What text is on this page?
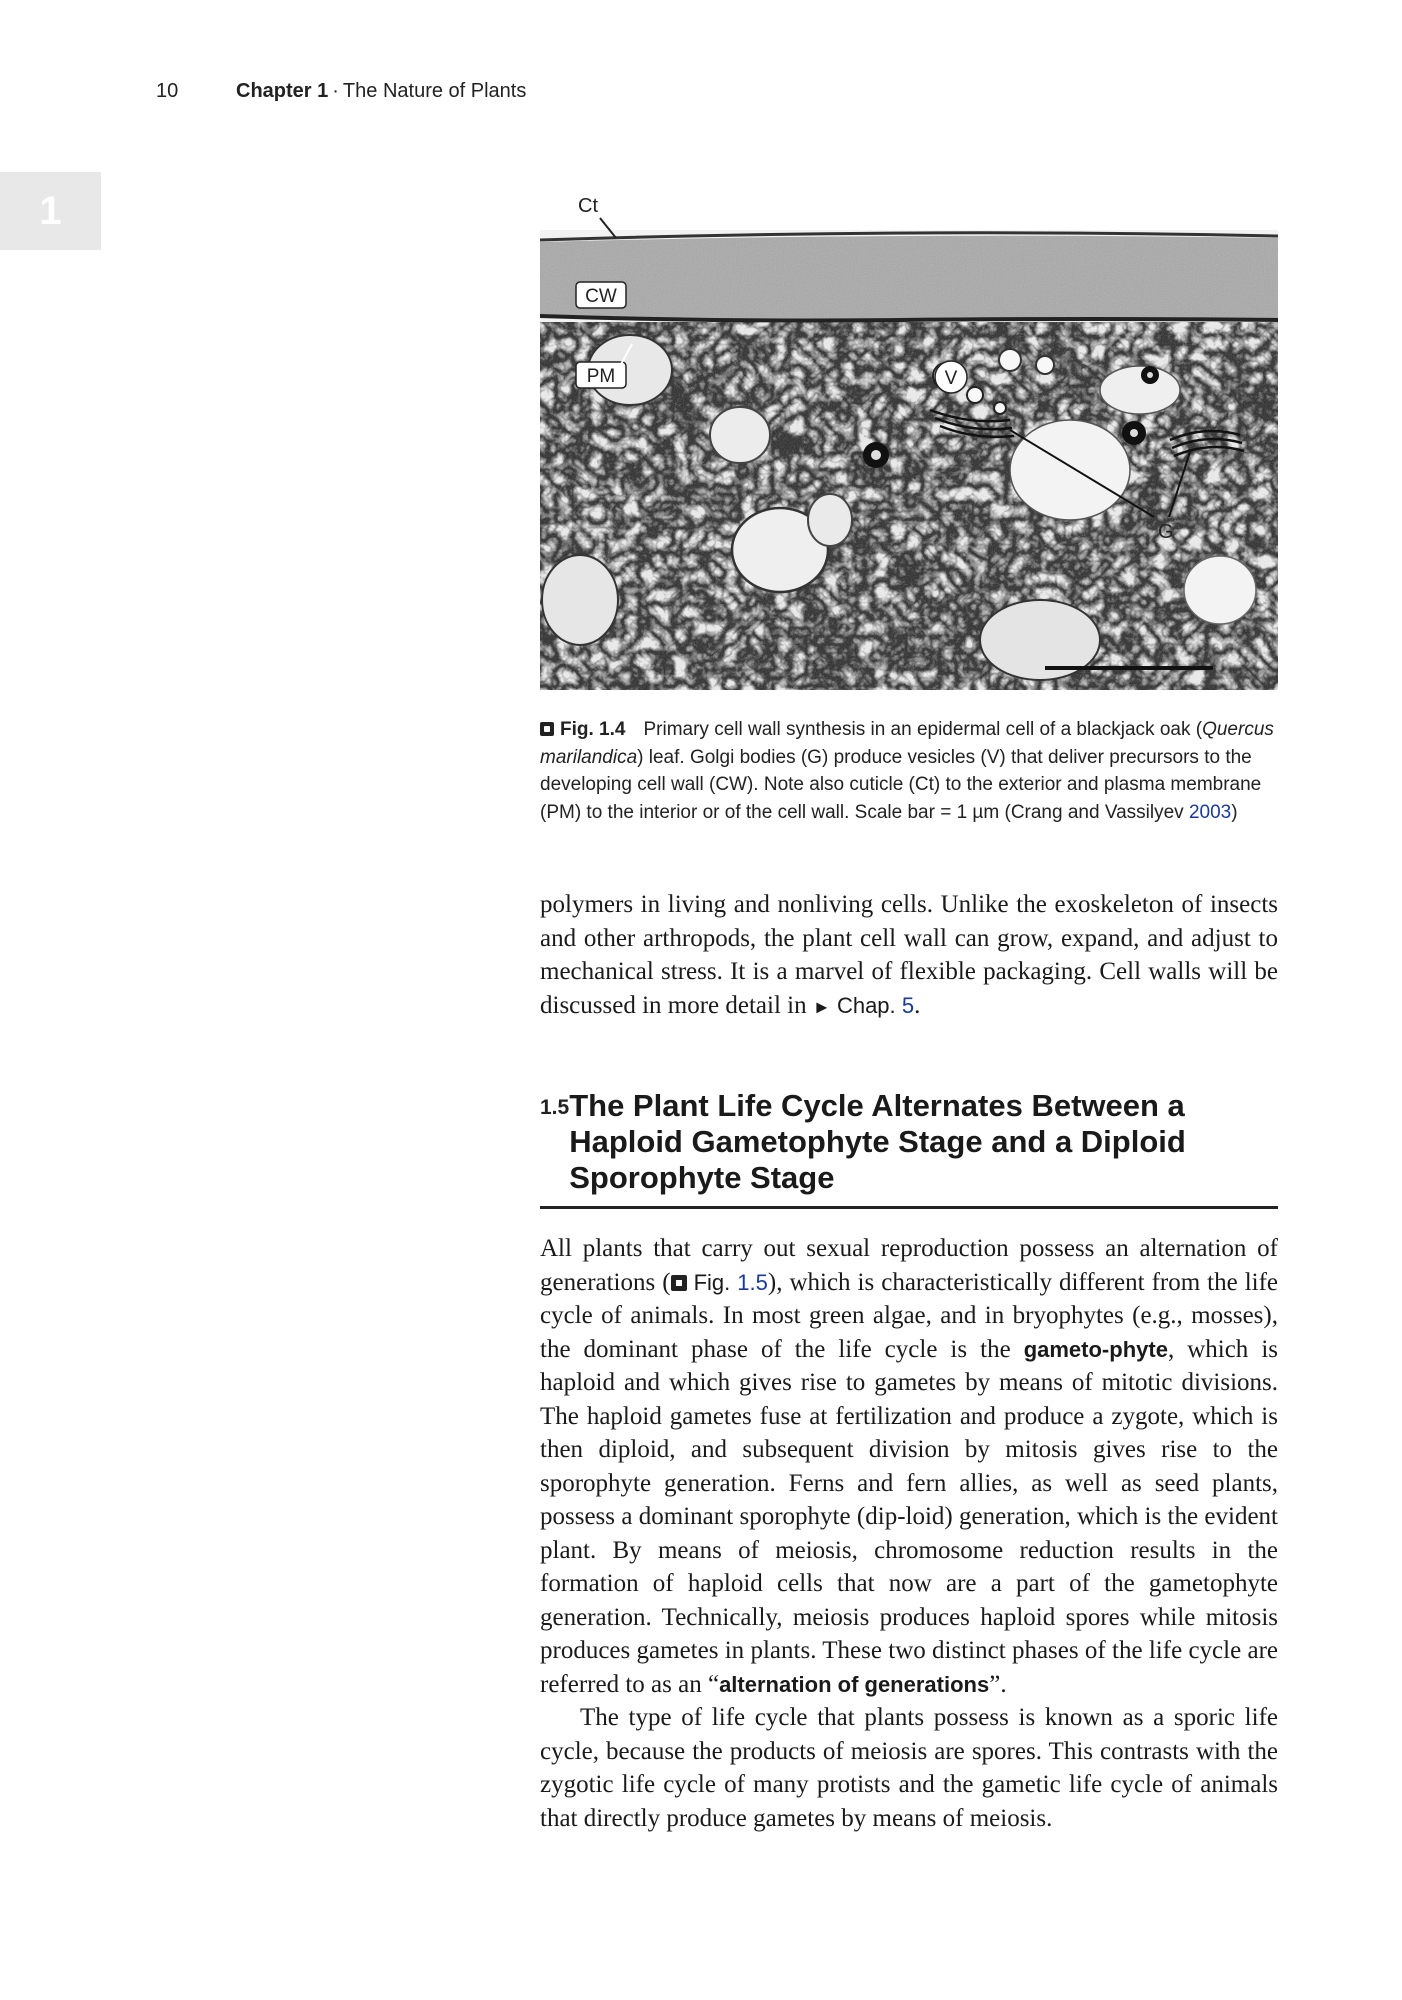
10	Chapter 1 · The Nature of Plants
1	Ct
CW
PM	V
G
Fig. 1.4 Primary cell wall synthesis in an epidermal cell of a blackjack oak (Quercus marilandica) leaf. Golgi bodies (G) produce vesicles (V) that deliver precursors to the developing cell wall (CW). Note also cuticle (Ct) to the exterior and plasma membrane (PM) to the interior or of the cell wall. Scale bar = 1 µm (Crang and Vassilyev 2003)

polymers in living and nonliving cells. Unlike the exoskeleton of insects and other arthropods, the plant cell wall can grow, expand, and adjust to mechanical stress. It is a marvel of flexible packaging. Cell walls will be discussed in more detail in ► Chap. 5.

1.5 The Plant Life Cycle Alternates Between a Haploid Gametophyte Stage and a Diploid Sporophyte Stage

All plants that carry out sexual reproduction possess an alternation of generations ( Fig. 1.5), which is characteristically different from the life cycle of animals. In most green algae, and in bryophytes (e.g., mosses), the dominant phase of the life cycle is the gameto-phyte, which is haploid and which gives rise to gametes by means of mitotic divisions. The haploid gametes fuse at fertilization and produce a zygote, which is then diploid, and subsequent division by mitosis gives rise to the sporophyte generation. Ferns and fern allies, as well as seed plants, possess a dominant sporophyte (dip-loid) generation, which is the evident plant. By means of meiosis, chromosome reduction results in the formation of haploid cells that now are a part of the gametophyte generation. Technically, meiosis produces haploid spores while mitosis produces gametes in plants. These two distinct phases of the life cycle are referred to as an “alternation of generations”.

The type of life cycle that plants possess is known as a sporic life cycle, because the products of meiosis are spores. This contrasts with the zygotic life cycle of many protists and the gametic life cycle of animals that directly produce gametes by means of meiosis.
